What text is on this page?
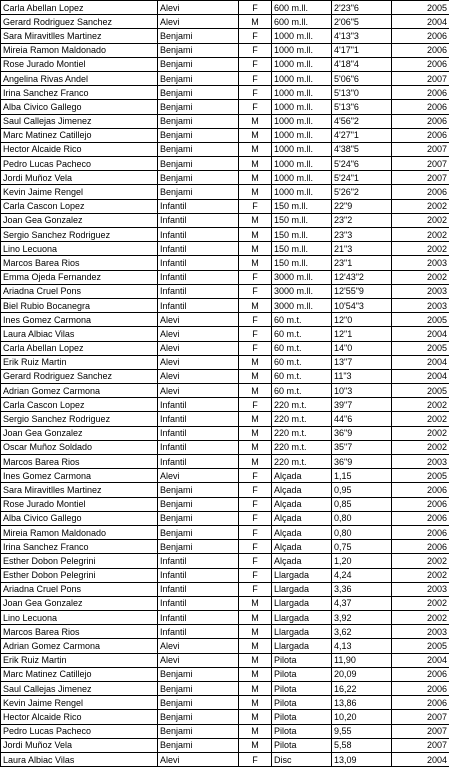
Carla Abellan Lopez	Alevi	F	600 m.ll.	2'23"6	2005
Gerard Rodriguez Sanchez	Alevi	M	600 m.ll.	2'06"5	2004
Sara Miravitlles Martinez	Benjami	F	1000 m.ll.	4'13"3	2006
Mireia Ramon Maldonado	Benjami	F	1000 m.ll.	4'17"1	2006
Rose Jurado Montiel	Benjami	F	1000 m.ll.	4'18"4	2006
Angelina Rivas Andel	Benjami	F	1000 m.ll.	5'06"6	2007
Irina Sanchez Franco	Benjami	F	1000 m.ll.	5'13"0	2006
Alba Civico Gallego	Benjami	F	1000 m.ll.	5'13"6	2006
Saul Callejas Jimenez	Benjami	M	1000 m.ll.	4'56"2	2006
Marc Matinez Catillejo	Benjami	M	1000 m.ll.	4'27"1	2006
Hector Alcaide Rico	Benjami	M	1000 m.ll.	4'38"5	2007
Pedro Lucas Pacheco	Benjami	M	1000 m.ll.	5'24"6	2007
Jordi Muñoz Vela	Benjami	M	1000 m.ll.	5'24"1	2007
Kevin Jaime Rengel	Benjami	M	1000 m.ll.	5'26"2	2006
Carla Cascon Lopez	Infantil	F	150 m.ll.	22"9	2002
Joan Gea Gonzalez	Infantil	M	150 m.ll.	23"2	2002
Sergio Sanchez Rodriguez	Infantil	M	150 m.ll.	23"3	2002
Lino Lecuona	Infantil	M	150 m.ll.	21"3	2002
Marcos Barea Rios	Infantil	M	150 m.ll.	23"1	2003
Emma Ojeda Fernandez	Infantil	F	3000 m.ll.	12'43"2	2002
Ariadna Cruel Pons	Infantil	F	3000 m.ll.	12'55"9	2003
Biel Rubio Bocanegra	Infantil	M	3000 m.ll.	10'54"3	2003
Ines Gomez Carmona	Alevi	F	60 m.t.	12"0	2005
Laura Albiac Vilas	Alevi	F	60 m.t.	12"1	2004
Carla Abellan Lopez	Alevi	F	60 m.t.	14"0	2005
Erik Ruiz Martin	Alevi	M	60 m.t.	13"7	2004
Gerard Rodriguez Sanchez	Alevi	M	60 m.t.	11"3	2004
Adrian Gomez Carmona	Alevi	M	60 m.t.	10"3	2005
Carla Cascon Lopez	Infantil	F	220 m.t.	39"7	2002
Sergio Sanchez Rodriguez	Infantil	M	220 m.t.	44"6	2002
Joan Gea Gonzalez	Infantil	M	220 m.t.	36"9	2002
Oscar Muñoz Soldado	Infantil	M	220 m.t.	35"7	2002
Marcos Barea Rios	Infantil	M	220 m.t.	36"9	2003
Ines Gomez Carmona	Alevi	F	Alçada	1,15	2005
Sara Miravitlles Martinez	Benjami	F	Alçada	0,95	2006
Rose Jurado Montiel	Benjami	F	Alçada	0,85	2006
Alba Civico Gallego	Benjami	F	Alçada	0,80	2006
Mireia Ramon Maldonado	Benjami	F	Alçada	0,80	2006
Irina Sanchez Franco	Benjami	F	Alçada	0,75	2006
Esther Dobon Pelegrini	Infantil	F	Alçada	1,20	2002
Esther Dobon Pelegrini	Infantil	F	Llargada	4,24	2002
Ariadna Cruel Pons	Infantil	F	Llargada	3,36	2003
Joan Gea Gonzalez	Infantil	M	Llargada	4,37	2002
Lino Lecuona	Infantil	M	Llargada	3,92	2002
Marcos Barea Rios	Infantil	M	Llargada	3,62	2003
Adrian Gomez Carmona	Alevi	M	Llargada	4,13	2005
Erik Ruiz Martin	Alevi	M	Pilota	11,90	2004
Marc Matinez Catillejo	Benjami	M	Pilota	20,09	2006
Saul Callejas Jimenez	Benjami	M	Pilota	16,22	2006
Kevin Jaime Rengel	Benjami	M	Pilota	13,86	2006
Hector Alcaide Rico	Benjami	M	Pilota	10,20	2007
Pedro Lucas Pacheco	Benjami	M	Pilota	9,55	2007
Jordi Muñoz Vela	Benjami	M	Pilota	5,58	2007
Laura Albiac Vilas	Alevi	F	Disc	13,09	2004
